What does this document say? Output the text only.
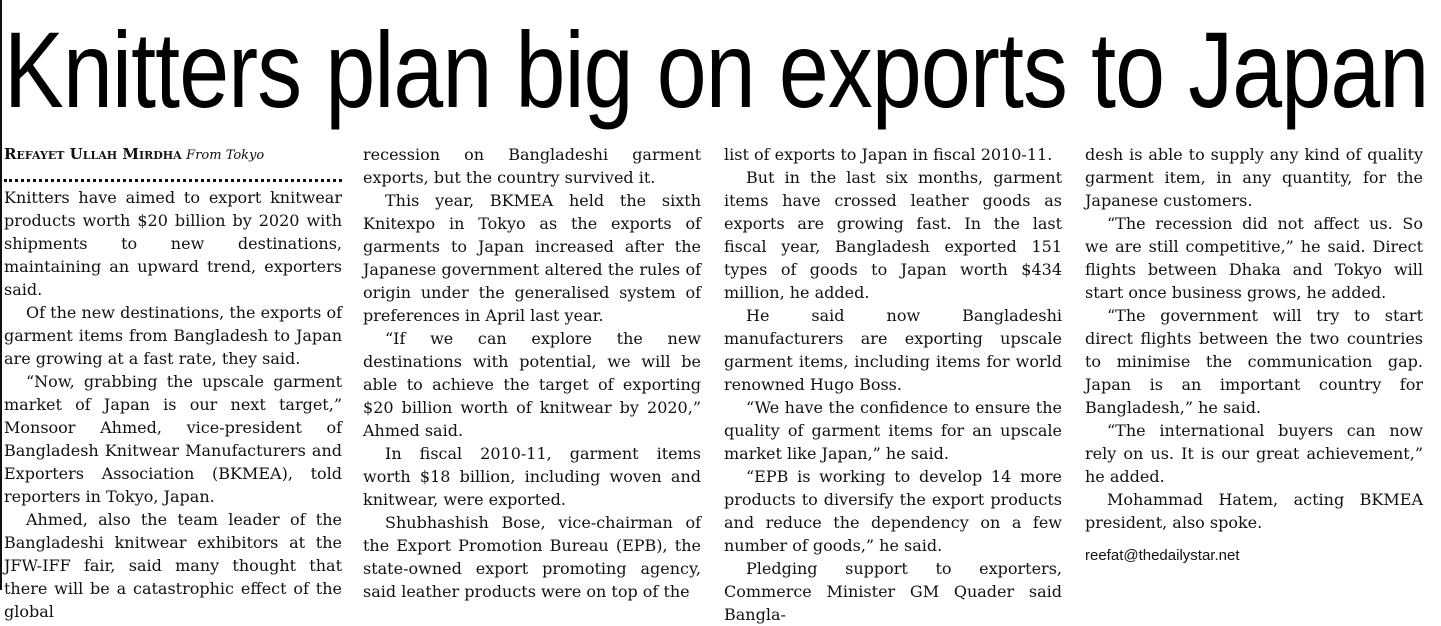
Knitters plan big on exports to Japan
Refayet Ullah Mirdha From Tokyo

Knitters have aimed to export knitwear products worth $20 billion by 2020 with shipments to new destinations, maintaining an upward trend, exporters said.

Of the new destinations, the exports of garment items from Bangladesh to Japan are growing at a fast rate, they said.

“Now, grabbing the upscale garment market of Japan is our next target,” Monsoor Ahmed, vice-president of Bangladesh Knitwear Manufacturers and Exporters Association (BKMEA), told reporters in Tokyo, Japan.

Ahmed, also the team leader of the Bangladeshi knitwear exhibitors at the JFW-IFF fair, said many thought that there will be a catastrophic effect of the global

recession on Bangladeshi garment exports, but the country survived it.

This year, BKMEA held the sixth Knitexpo in Tokyo as the exports of garments to Japan increased after the Japanese government altered the rules of origin under the generalised system of preferences in April last year.

“If we can explore the new destinations with potential, we will be able to achieve the target of exporting $20 billion worth of knitwear by 2020,” Ahmed said.

In fiscal 2010-11, garment items worth $18 billion, including woven and knitwear, were exported.

Shubhashish Bose, vice-chairman of the Export Promotion Bureau (EPB), the state-owned export promoting agency, said leather products were on top of the

list of exports to Japan in fiscal 2010-11.

But in the last six months, garment items have crossed leather goods as exports are growing fast. In the last fiscal year, Bangladesh exported 151 types of goods to Japan worth $434 million, he added.

He said now Bangladeshi manufacturers are exporting upscale garment items, including items for world renowned Hugo Boss.

“We have the confidence to ensure the quality of garment items for an upscale market like Japan,” he said.

“EPB is working to develop 14 more products to diversify the export products and reduce the dependency on a few number of goods,” he said.

Pledging support to exporters, Commerce Minister GM Quader said Bangla-

desh is able to supply any kind of quality garment item, in any quantity, for the Japanese customers.

“The recession did not affect us. So we are still competitive,” he said. Direct flights between Dhaka and Tokyo will start once business grows, he added.

“The government will try to start direct flights between the two countries to minimise the communication gap. Japan is an important country for Bangladesh,” he said.

“The international buyers can now rely on us. It is our great achievement,” he added.

Mohammad Hatem, acting BKMEA president, also spoke.

reefat@thedailystar.net
